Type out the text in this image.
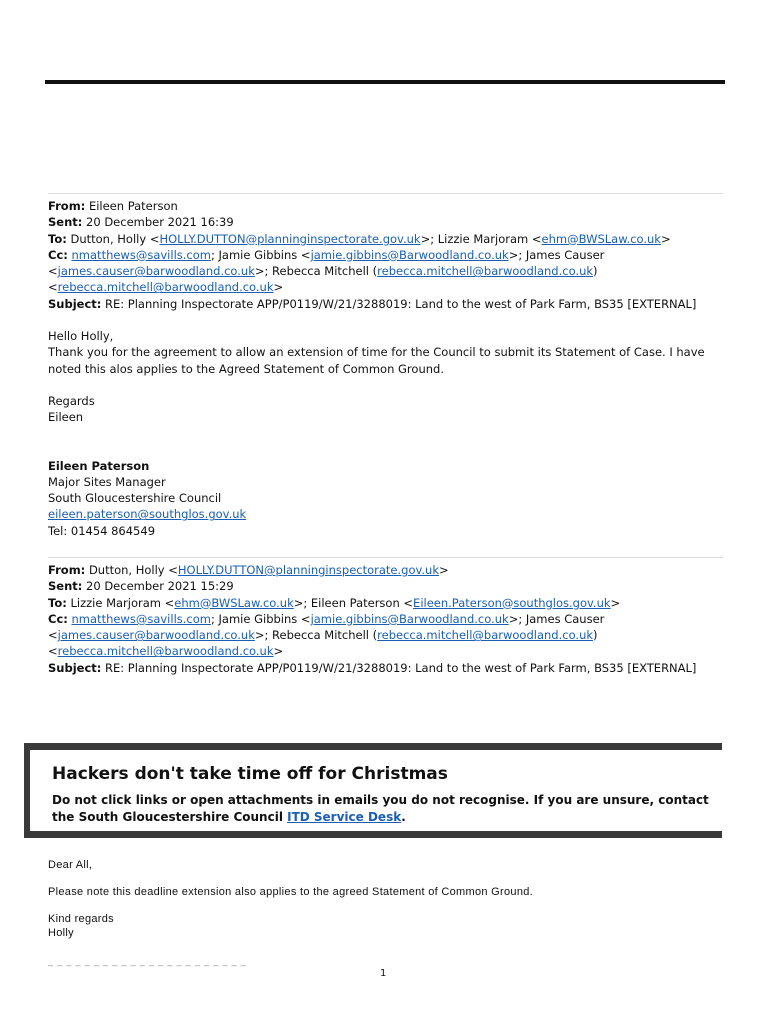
From: Eileen Paterson
Sent: 20 December 2021 16:39
To: Dutton, Holly <HOLLY.DUTTON@planninginspectorate.gov.uk>; Lizzie Marjoram <ehm@BWSLaw.co.uk>
Cc: nmatthews@savills.com; Jamie Gibbins <jamie.gibbins@Barwoodland.co.uk>; James Causer
<james.causer@barwoodland.co.uk>; Rebecca Mitchell (rebecca.mitchell@barwoodland.co.uk)
<rebecca.mitchell@barwoodland.co.uk>
Subject: RE: Planning Inspectorate APP/P0119/W/21/3288019: Land to the west of Park Farm, BS35 [EXTERNAL]
Hello Holly,
Thank you for the agreement to allow an extension of time for the Council to submit its Statement of Case. I have noted this alos applies to the Agreed Statement of Common Ground.
Regards
Eileen
Eileen Paterson
Major Sites Manager
South Gloucestershire Council
eileen.paterson@southglos.gov.uk
Tel: 01454 864549
From: Dutton, Holly <HOLLY.DUTTON@planninginspectorate.gov.uk>
Sent: 20 December 2021 15:29
To: Lizzie Marjoram <ehm@BWSLaw.co.uk>; Eileen Paterson <Eileen.Paterson@southglos.gov.uk>
Cc: nmatthews@savills.com; Jamie Gibbins <jamie.gibbins@Barwoodland.co.uk>; James Causer
<james.causer@barwoodland.co.uk>; Rebecca Mitchell (rebecca.mitchell@barwoodland.co.uk)
<rebecca.mitchell@barwoodland.co.uk>
Subject: RE: Planning Inspectorate APP/P0119/W/21/3288019: Land to the west of Park Farm, BS35 [EXTERNAL]
Hackers don't take time off for Christmas
Do not click links or open attachments in emails you do not recognise. If you are unsure, contact the South Gloucestershire Council ITD Service Desk.
Dear All,
Please note this deadline extension also applies to the agreed Statement of Common Ground.
Kind regards
Holly
_ _ _ _ _ _ _ _ _ _ _ _ _ _ _ _ _ _ _ _ _ _
1
